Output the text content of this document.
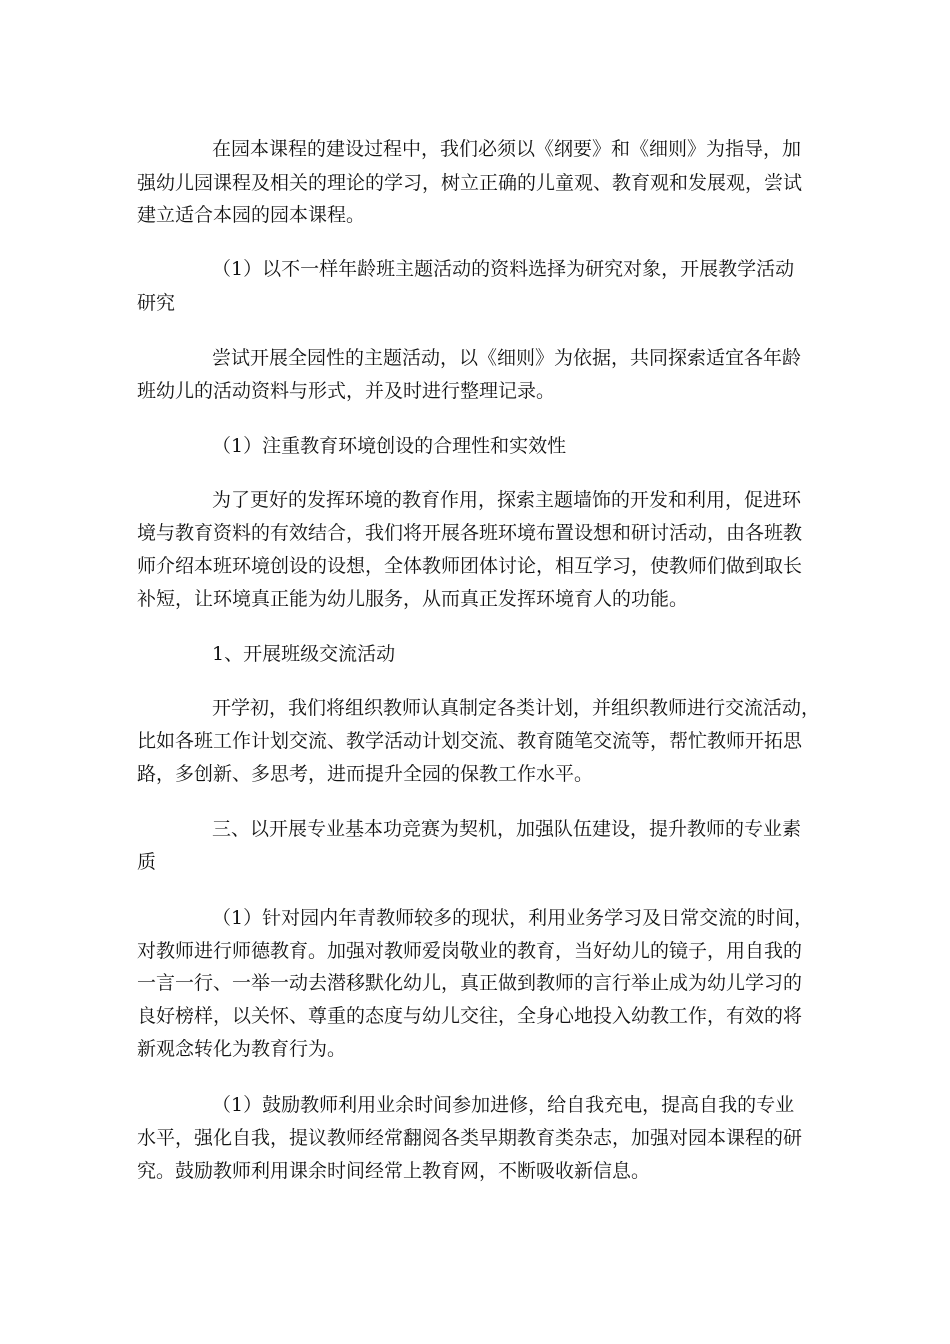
在园本课程的建设过程中，我们必须以《纲要》和《细则》为指导，加
强幼儿园课程及相关的理论的学习，树立正确的儿童观、教育观和发展观，尝试
建立适合本园的园本课程。
（1）以不一样年龄班主题活动的资料选择为研究对象，开展教学活动
研究
尝试开展全园性的主题活动，以《细则》为依据，共同探索适宜各年龄
班幼儿的活动资料与形式，并及时进行整理记录。
（1）注重教育环境创设的合理性和实效性
为了更好的发挥环境的教育作用，探索主题墙饰的开发和利用，促进环
境与教育资料的有效结合，我们将开展各班环境布置设想和研讨活动，由各班教
师介绍本班环境创设的设想，全体教师团体讨论，相互学习，使教师们做到取长
补短，让环境真正能为幼儿服务，从而真正发挥环境育人的功能。
1、开展班级交流活动
开学初，我们将组织教师认真制定各类计划，并组织教师进行交流活动，
比如各班工作计划交流、教学活动计划交流、教育随笔交流等，帮忙教师开拓思
路，多创新、多思考，进而提升全园的保教工作水平。
三、以开展专业基本功竞赛为契机，加强队伍建设，提升教师的专业素
质
（1）针对园内年青教师较多的现状，利用业务学习及日常交流的时间，
对教师进行师德教育。加强对教师爱岗敬业的教育，当好幼儿的镜子，用自我的
一言一行、一举一动去潜移默化幼儿，真正做到教师的言行举止成为幼儿学习的
良好榜样，以关怀、尊重的态度与幼儿交往，全身心地投入幼教工作，有效的将
新观念转化为教育行为。
（1）鼓励教师利用业余时间参加进修，给自我充电，提高自我的专业
水平，强化自我，提议教师经常翻阅各类早期教育类杂志，加强对园本课程的研
究。鼓励教师利用课余时间经常上教育网，不断吸收新信息。
